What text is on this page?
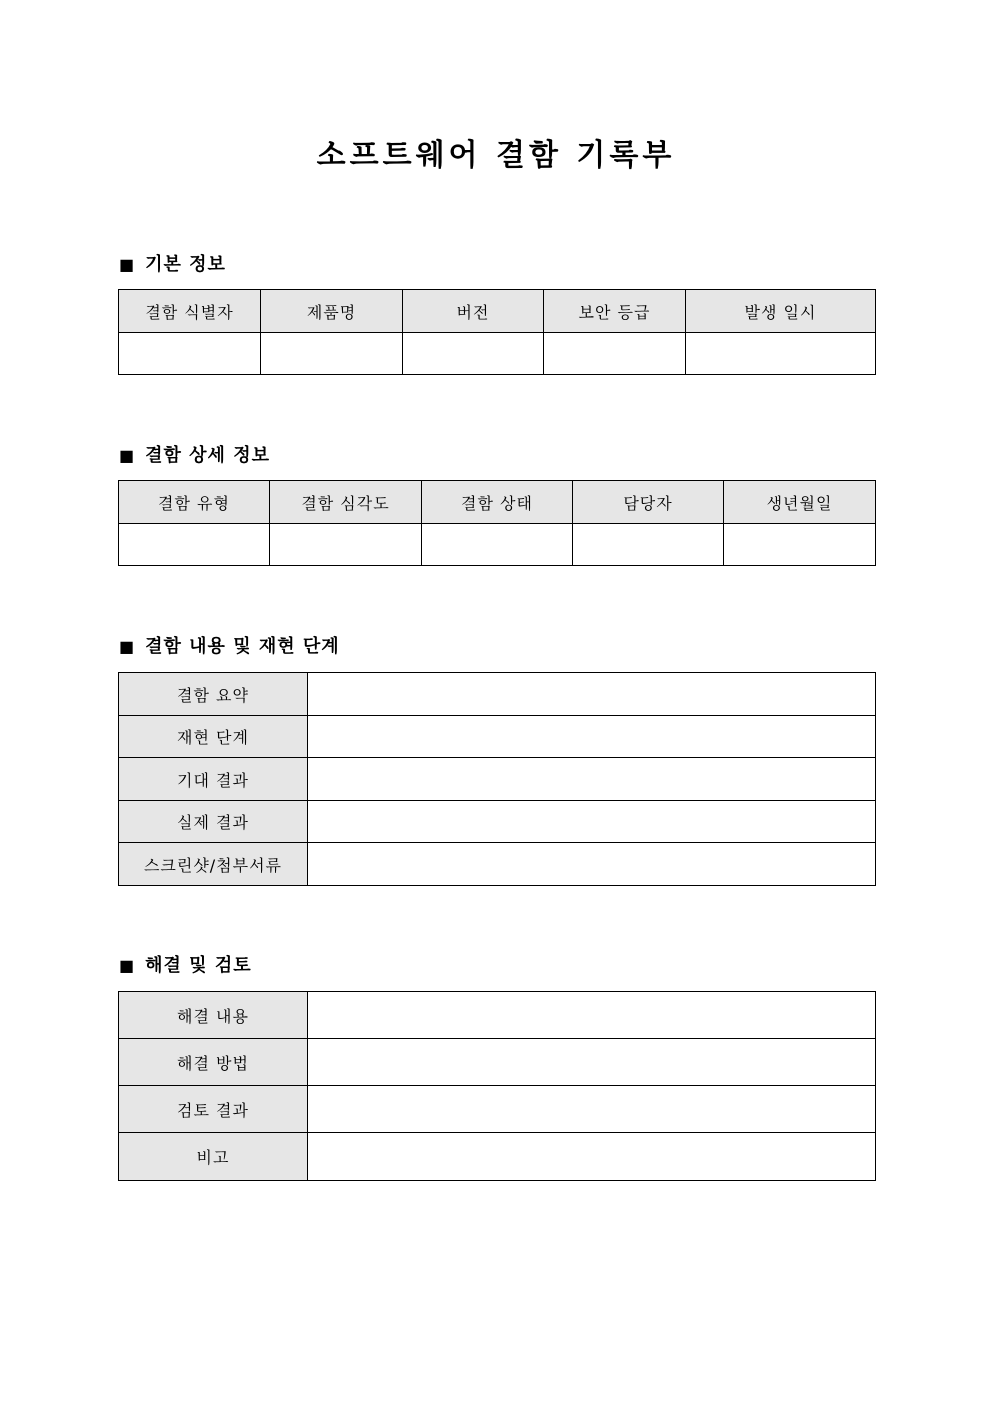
소프트웨어 결함 기록부
■ 기본 정보
결함 식별자	제품명	버전	보안 등급	발생 일시

■ 결함 상세 정보
결함 유형	결함 심각도	결함 상태	담당자	생년월일

■ 결함 내용 및 재현 단계
결함 요약	
재현 단계	
기대 결과	
실제 결과	
스크린샷/첨부서류	
■ 해결 및 검토
해결 내용	
해결 방법	
검토 결과	
비고	
